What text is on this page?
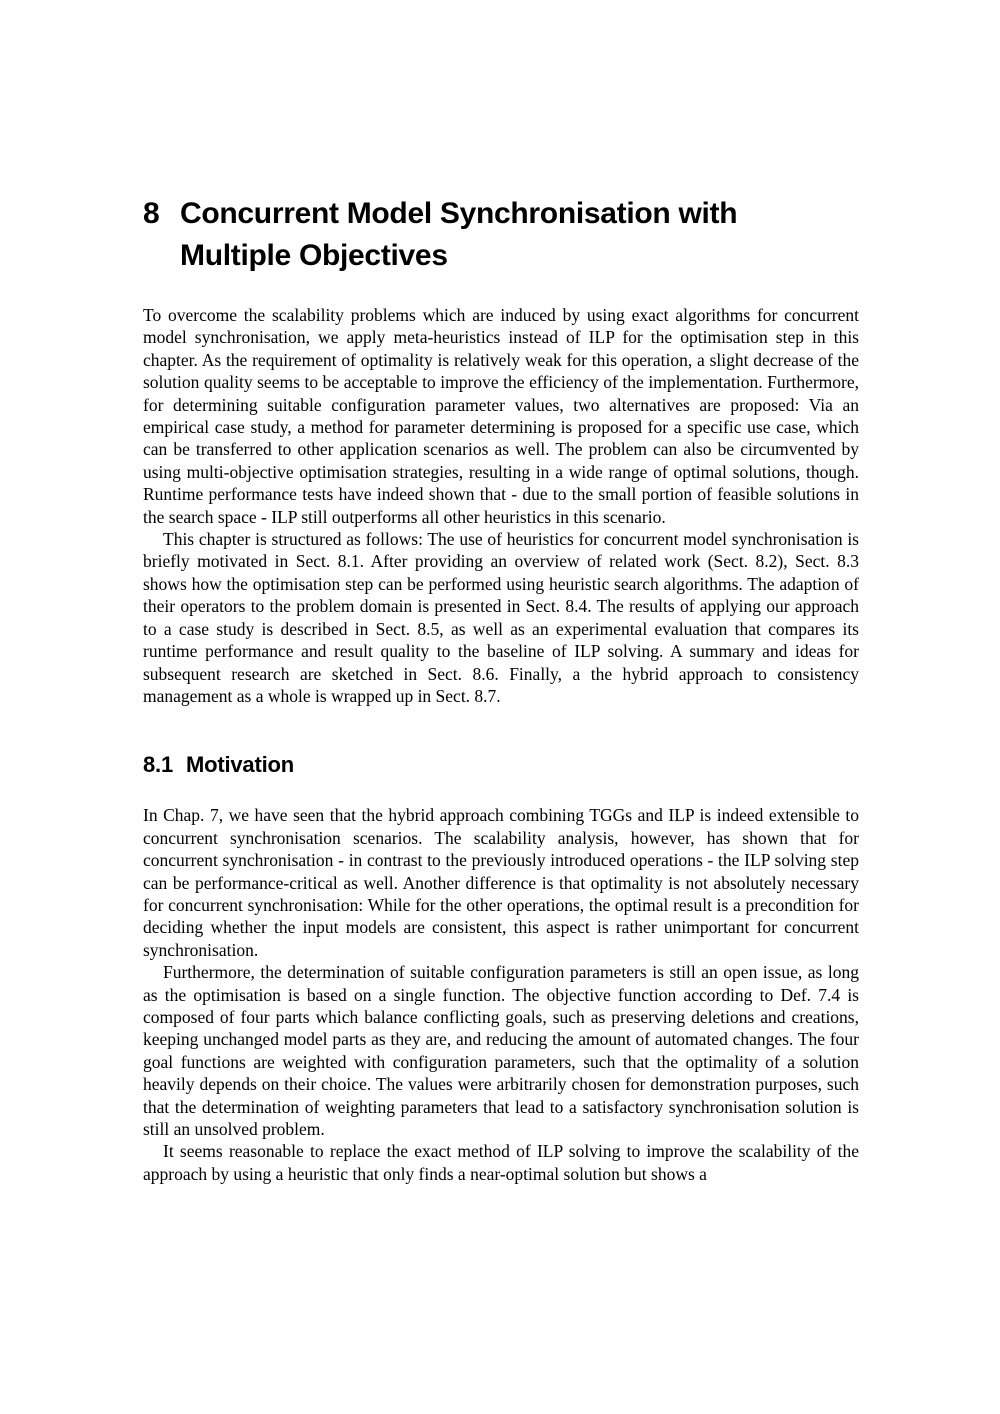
8 Concurrent Model Synchronisation with
Multiple Objectives

To overcome the scalability problems which are induced by using exact algorithms for concurrent model synchronisation, we apply meta-heuristics instead of ILP for the optimisation step in this chapter. As the requirement of optimality is relatively weak for this operation, a slight decrease of the solution quality seems to be acceptable to improve the efficiency of the implementation. Furthermore, for determining suitable configuration parameter values, two alternatives are proposed: Via an empirical case study, a method for parameter determining is proposed for a specific use case, which can be transferred to other application scenarios as well. The problem can also be circumvented by using multi-objective optimisation strategies, resulting in a wide range of optimal solutions, though. Runtime performance tests have indeed shown that - due to the small portion of feasible solutions in the search space - ILP still outperforms all other heuristics in this scenario.

This chapter is structured as follows: The use of heuristics for concurrent model synchronisation is briefly motivated in Sect. 8.1. After providing an overview of related work (Sect. 8.2), Sect. 8.3 shows how the optimisation step can be performed using heuristic search algorithms. The adaption of their operators to the problem domain is presented in Sect. 8.4. The results of applying our approach to a case study is described in Sect. 8.5, as well as an experimental evaluation that compares its runtime performance and result quality to the baseline of ILP solving. A summary and ideas for subsequent research are sketched in Sect. 8.6. Finally, a the hybrid approach to consistency management as a whole is wrapped up in Sect. 8.7.

8.1 Motivation

In Chap. 7, we have seen that the hybrid approach combining TGGs and ILP is indeed extensible to concurrent synchronisation scenarios. The scalability analysis, however, has shown that for concurrent synchronisation - in contrast to the previously introduced operations - the ILP solving step can be performance-critical as well. Another difference is that optimality is not absolutely necessary for concurrent synchronisation: While for the other operations, the optimal result is a precondition for deciding whether the input models are consistent, this aspect is rather unimportant for concurrent synchronisation.

Furthermore, the determination of suitable configuration parameters is still an open issue, as long as the optimisation is based on a single function. The objective function according to Def. 7.4 is composed of four parts which balance conflicting goals, such as preserving deletions and creations, keeping unchanged model parts as they are, and reducing the amount of automated changes. The four goal functions are weighted with configuration parameters, such that the optimality of a solution heavily depends on their choice. The values were arbitrarily chosen for demonstration purposes, such that the determination of weighting parameters that lead to a satisfactory synchronisation solution is still an unsolved problem.

It seems reasonable to replace the exact method of ILP solving to improve the scalability of the approach by using a heuristic that only finds a near-optimal solution but shows a
